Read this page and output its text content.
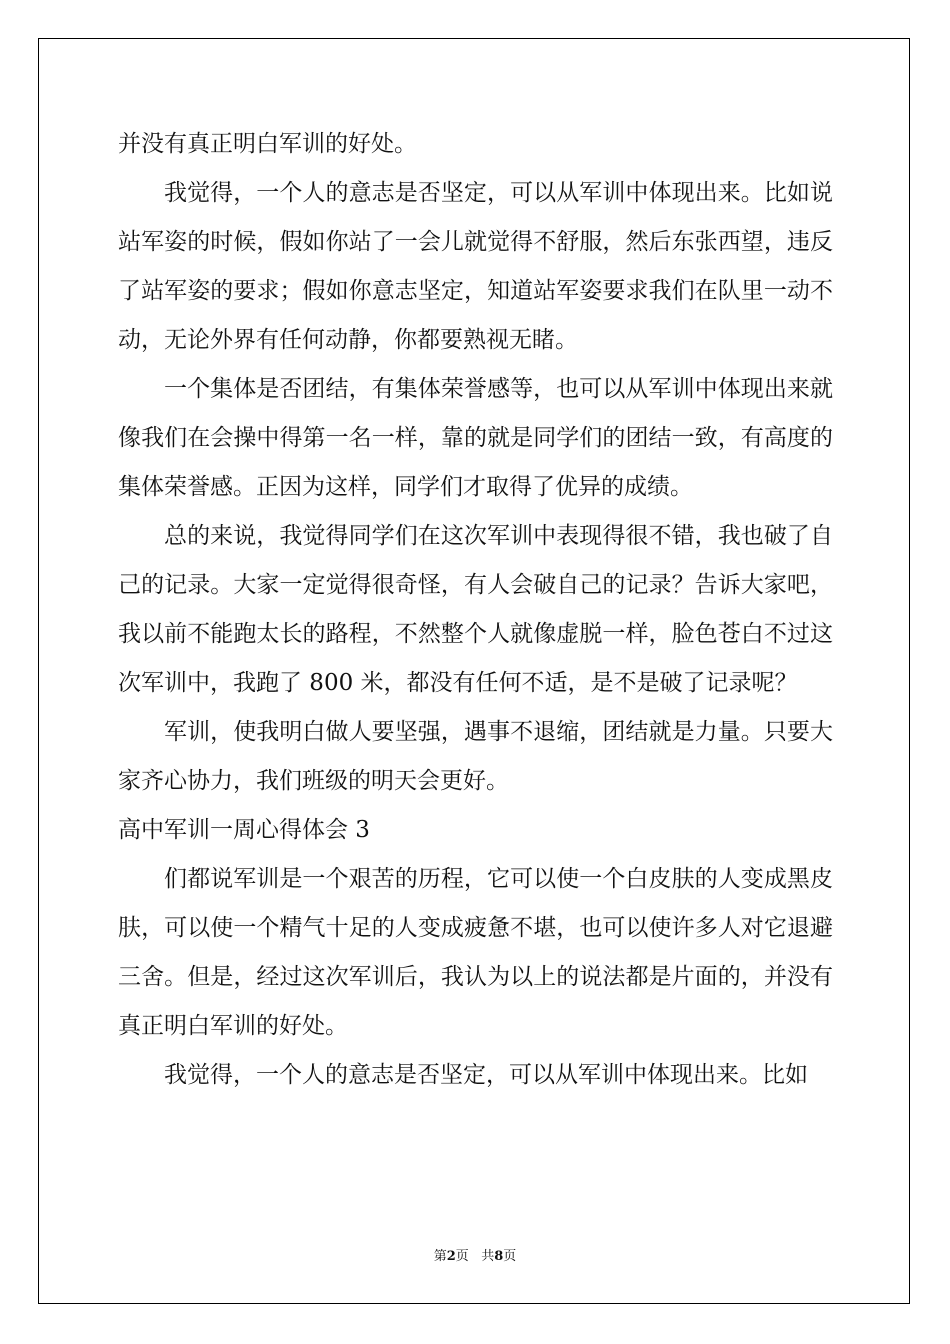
并没有真正明白军训的好处。

我觉得，一个人的意志是否坚定，可以从军训中体现出来。比如说站军姿的时候，假如你站了一会儿就觉得不舒服，然后东张西望，违反了站军姿的要求；假如你意志坚定，知道站军姿要求我们在队里一动不动，无论外界有任何动静，你都要熟视无睹。

一个集体是否团结，有集体荣誉感等，也可以从军训中体现出来就像我们在会操中得第一名一样，靠的就是同学们的团结一致，有高度的集体荣誉感。正因为这样，同学们才取得了优异的成绩。

总的来说，我觉得同学们在这次军训中表现得很不错，我也破了自己的记录。大家一定觉得很奇怪，有人会破自己的记录？告诉大家吧，我以前不能跑太长的路程，不然整个人就像虚脱一样，脸色苍白不过这次军训中，我跑了 800 米，都没有任何不适，是不是破了记录呢？

军训，使我明白做人要坚强，遇事不退缩，团结就是力量。只要大家齐心协力，我们班级的明天会更好。

高中军训一周心得体会 3

们都说军训是一个艰苦的历程，它可以使一个白皮肤的人变成黑皮肤，可以使一个精气十足的人变成疲惫不堪，也可以使许多人对它退避三舍。但是，经过这次军训后，我认为以上的说法都是片面的，并没有真正明白军训的好处。

我觉得，一个人的意志是否坚定，可以从军训中体现出来。比如

第2页 共8页
